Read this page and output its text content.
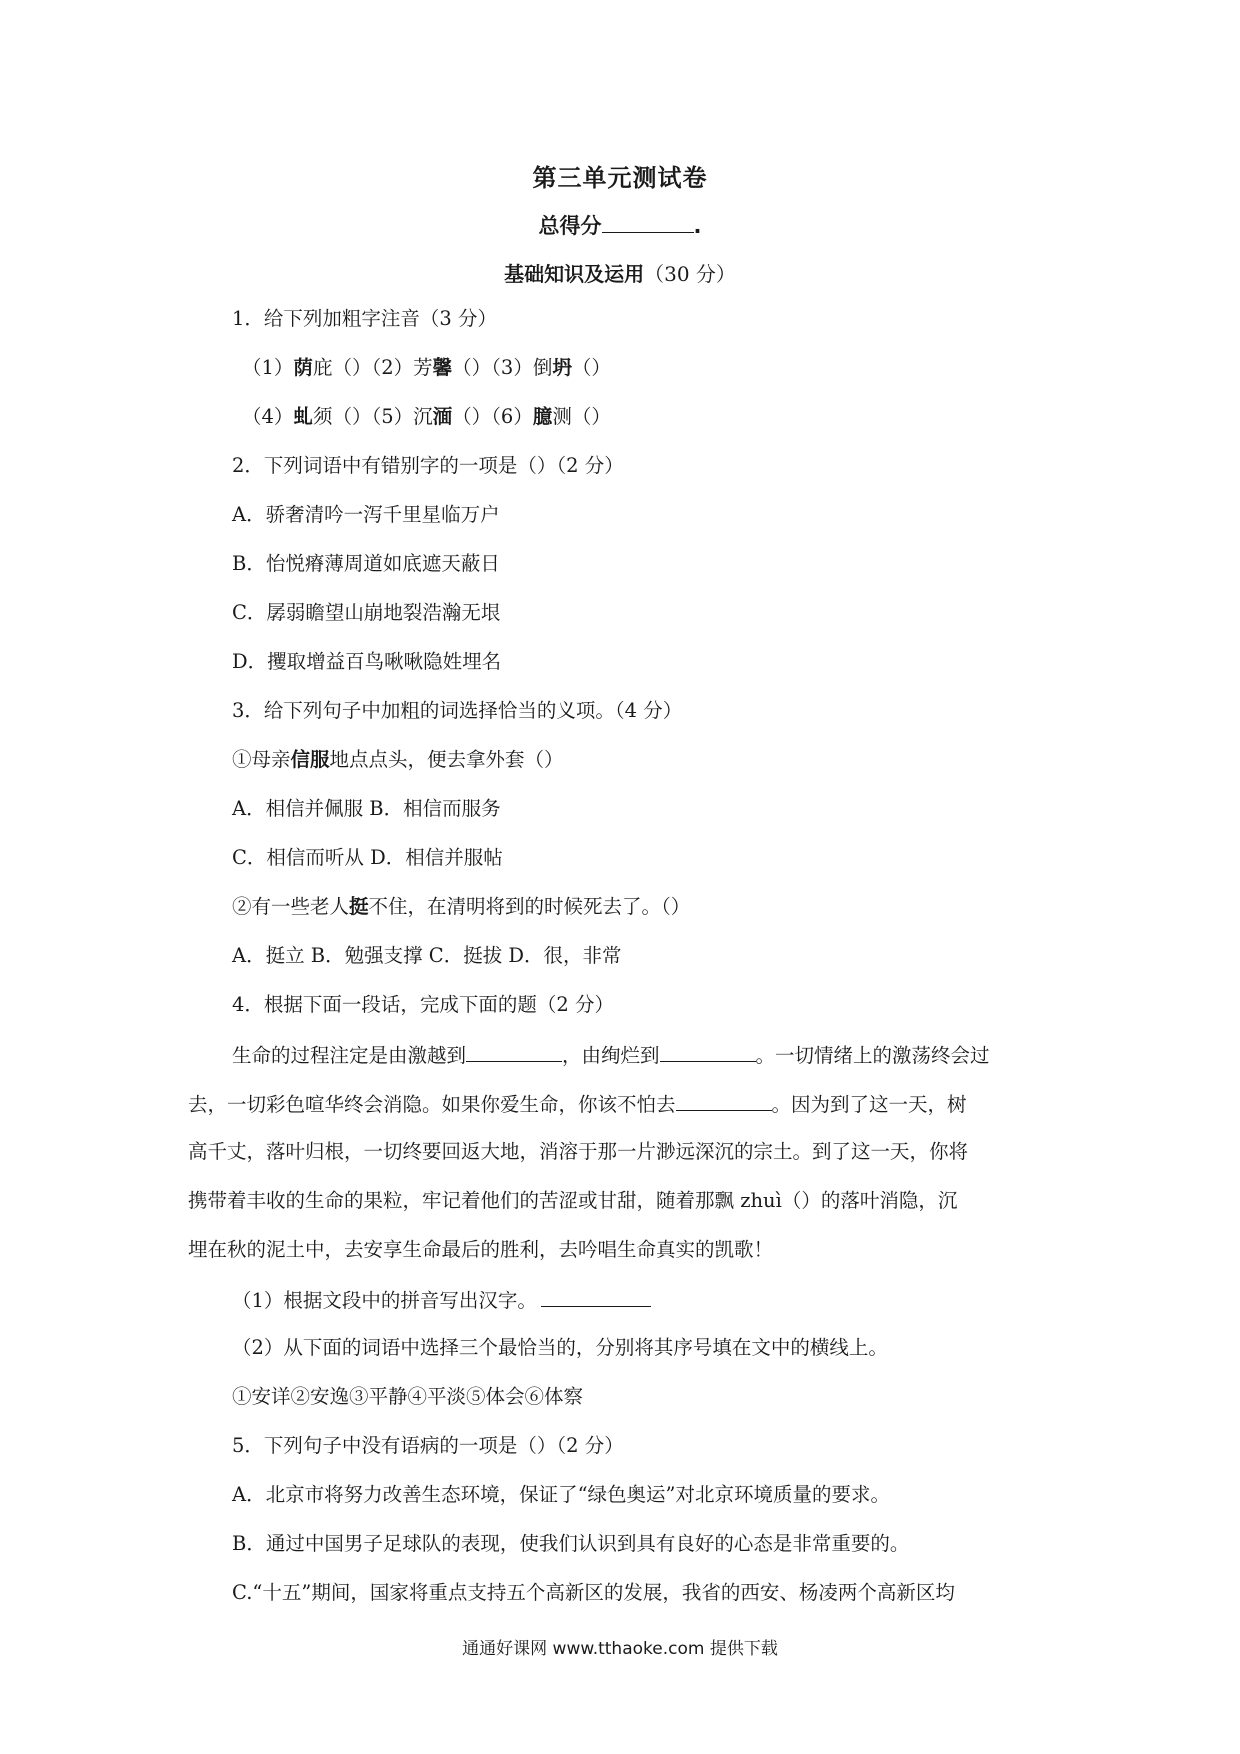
第三单元测试卷
总得分	.
基础知识及运用（30 分）
1．给下列加粗字注音（3 分）
（1）荫庇（）（2）芳馨（）（3）倒坍（）
（4）虬须（）（5）沉湎（）（6）臆测（）
2．下列词语中有错别字的一项是（）（2 分）
A．骄奢清吟一泻千里星临万户
B．怡悦瘠薄周道如底遮天蔽日
C．孱弱瞻望山崩地裂浩瀚无垠
D．攫取增益百鸟啾啾隐姓埋名
3．给下列句子中加粗的词选择恰当的义项。（4 分）
①母亲信服地点点头，便去拿外套（）
A．相信并佩服 B．相信而服务
C．相信而听从 D．相信并服帖
②有一些老人挺不住，在清明将到的时候死去了。（）
A．挺立 B．勉强支撑 C．挺拔 D．很，非常
4．根据下面一段话，完成下面的题（2 分）
生命的过程注定是由激越到	，由绚烂到	。一切情绪上的激荡终会过
去，一切彩色喧华终会消隐。如果你爱生命，你该不怕去	。因为到了这一天，树
高千丈，落叶归根，一切终要回返大地，消溶于那一片渺远深沉的宗土。到了这一天，你将
携带着丰收的生命的果粒，牢记着他们的苦涩或甘甜，随着那飘 zhuì（）的落叶消隐，沉
埋在秋的泥土中，去安享生命最后的胜利，去吟唱生命真实的凯歌！
（1）根据文段中的拼音写出汉字。
（2）从下面的词语中选择三个最恰当的，分别将其序号填在文中的横线上。
①安详②安逸③平静④平淡⑤体会⑥体察
5．下列句子中没有语病的一项是（）（2 分）
A．北京市将努力改善生态环境，保证了“绿色奥运”对北京环境质量的要求。
B．通过中国男子足球队的表现，使我们认识到具有良好的心态是非常重要的。
C.“十五”期间，国家将重点支持五个高新区的发展，我省的西安、杨凌两个高新区均
通通好课网 www.tthaoke.com 提供下载
